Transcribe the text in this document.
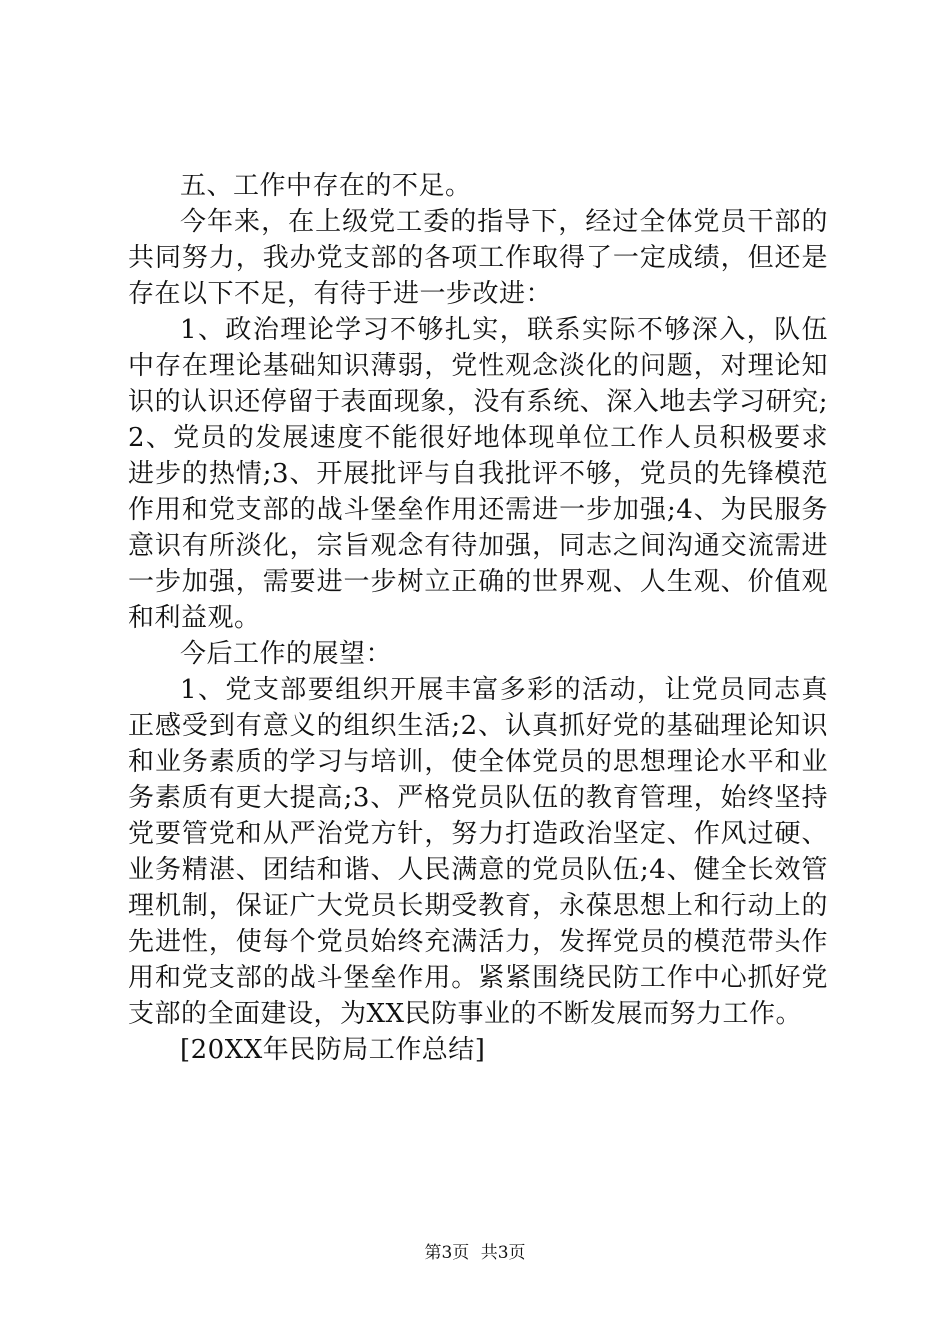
五、工作中存在的不足。

今年来，在上级党工委的指导下，经过全体党员干部的共同努力，我办党支部的各项工作取得了一定成绩，但还是存在以下不足，有待于进一步改进：

1、政治理论学习不够扎实，联系实际不够深入，队伍中存在理论基础知识薄弱，党性观念淡化的问题，对理论知识的认识还停留于表面现象，没有系统、深入地去学习研究;2、党员的发展速度不能很好地体现单位工作人员积极要求进步的热情;3、开展批评与自我批评不够，党员的先锋模范作用和党支部的战斗堡垒作用还需进一步加强;4、为民服务意识有所淡化，宗旨观念有待加强，同志之间沟通交流需进一步加强，需要进一步树立正确的世界观、人生观、价值观和利益观。

今后工作的展望：

1、党支部要组织开展丰富多彩的活动，让党员同志真正感受到有意义的组织生活;2、认真抓好党的基础理论知识和业务素质的学习与培训，使全体党员的思想理论水平和业务素质有更大提高;3、严格党员队伍的教育管理，始终坚持党要管党和从严治党方针，努力打造政治坚定、作风过硬、业务精湛、团结和谐、人民满意的党员队伍;4、健全长效管理机制，保证广大党员长期受教育，永葆思想上和行动上的先进性，使每个党员始终充满活力，发挥党员的模范带头作用和党支部的战斗堡垒作用。紧紧围绕民防工作中心抓好党支部的全面建设，为XX民防事业的不断发展而努力工作。

[20XX年民防局工作总结]

第3页 共3页
